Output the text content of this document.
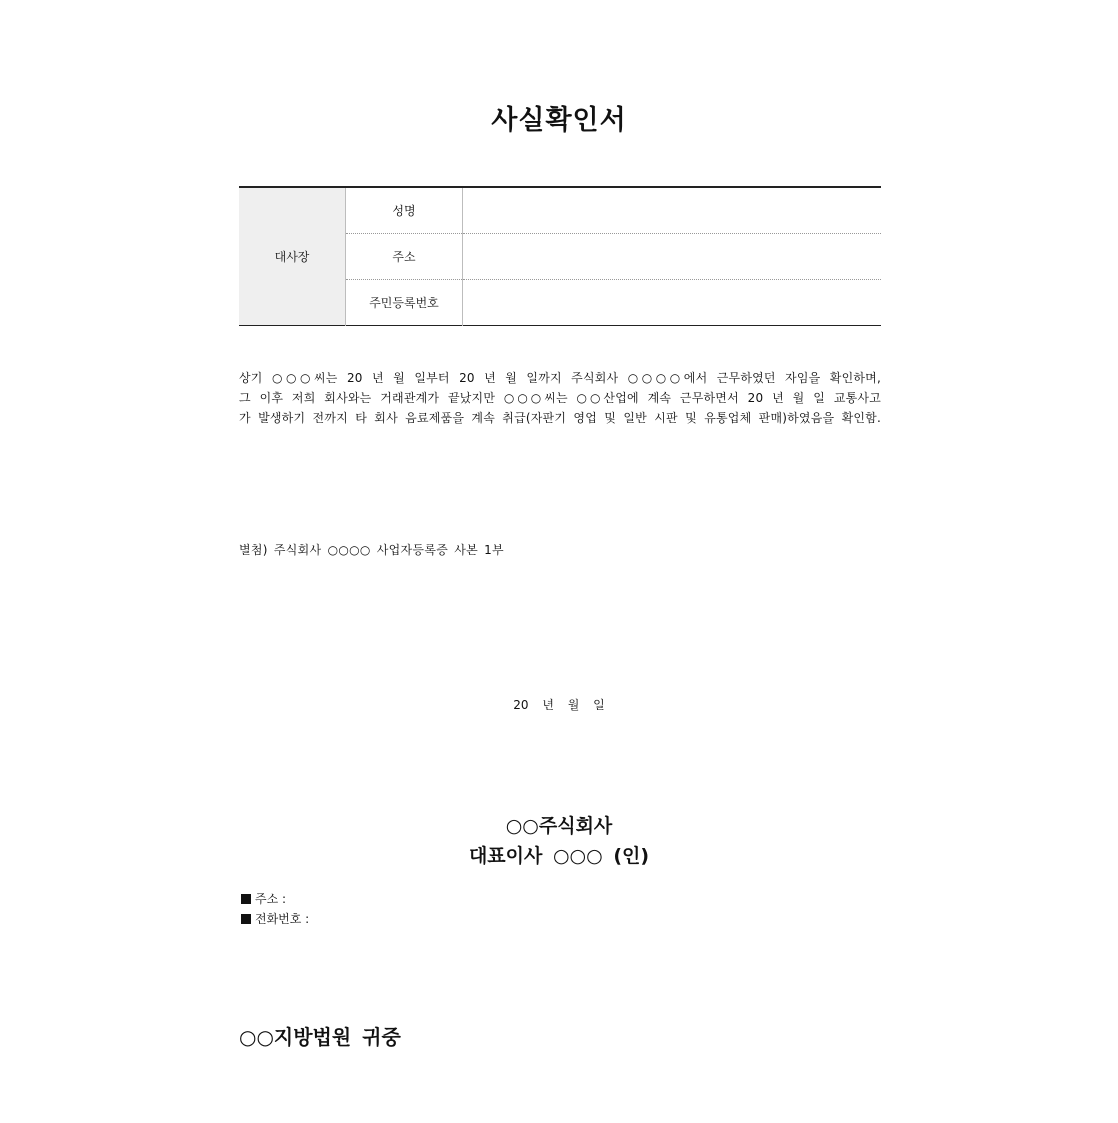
사실확인서
대사장	성명	
	주소	
	주민등록번호	
상기 ○○○씨는 20 년 월 일부터 20 년 월 일까지 주식회사 ○○○○에서 근무하였던 자임을 확인하며,
그 이후 저희 회사와는 거래관계가 끝났지만 ○○○씨는 ○○산업에 계속 근무하면서 20 년 월 일 교통사고
가 발생하기 전까지 타 회사 음료제품을 계속 취급(자판기 영업 및 일반 시판 및 유통업체 판매)하였음을 확인함.
별첨) 주식회사 ○○○○ 사업자등록증 사본 1부
20 년 월 일
○○주식회사
대표이사 ○○○ (인)
주소 :
전화번호 :
○○지방법원 귀중
